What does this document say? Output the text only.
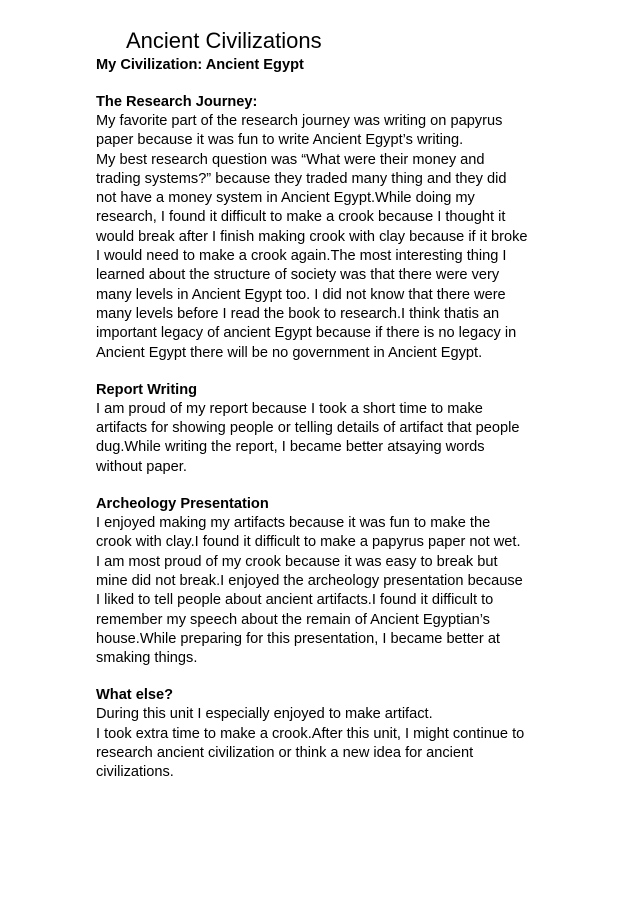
Ancient Civilizations
My Civilization: Ancient Egypt
The Research Journey:

My favorite part of the research journey was writing on papyrus

paper because it was fun to write Ancient Egypt’s writing.

My best research question was “What were their money and

trading systems?” because they traded many thing and they did

not have a money system in Ancient Egypt.While doing my

research, I found it difficult to make a crook because I thought it

would break after I finish making crook with clay because if it broke

I would need to make a crook again.The most interesting thing I

learned about the structure of society was that there were very

many levels in Ancient Egypt too. I did not know that there were

many levels before I read the book to research.I think thatis an

important legacy of ancient Egypt because if there is no legacy in

Ancient Egypt there will be no government in Ancient Egypt.

Report Writing

I am proud of my report because I took a short time to make

artifacts for showing people or telling details of artifact that people

dug.While writing the report, I became better atsaying words

without paper.

Archeology Presentation

I enjoyed making my artifacts because it was fun to make the

crook with clay.I found it difficult to make a papyrus paper not wet.

I am most proud of my crook because it was easy to break but

mine did not break.I enjoyed the archeology presentation because

I liked to tell people about ancient artifacts.I found it difficult to

remember my speech about the remain of Ancient Egyptian’s

house.While preparing for this presentation, I became better at

smaking things.

What else?

During this unit I especially enjoyed to make artifact.

I took extra time to make a crook.After this unit, I might continue to

research ancient civilization or think a new idea for ancient

civilizations.
